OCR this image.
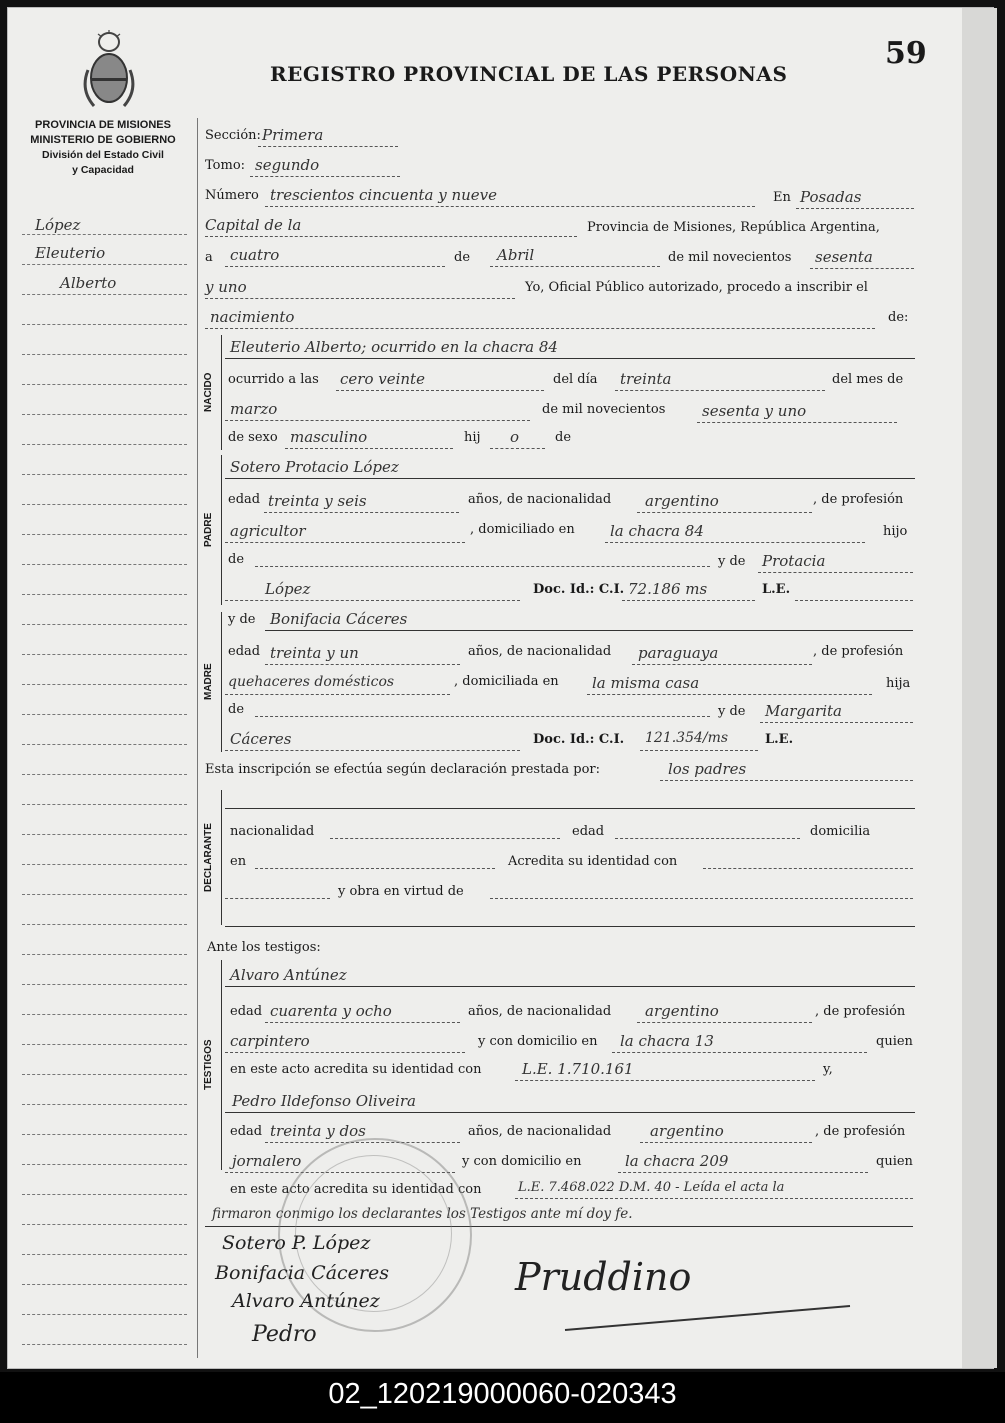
REGISTRO PROVINCIAL DE LAS PERSONAS
59
PROVINCIA DE MISIONES
MINISTERIO DE GOBIERNO
División del Estado Civil
y Capacidad
López
Eleuterio
Alberto
Sección: Primera
Tomo: segundo
Número trescientos cincuenta y nueve	En Posadas
Capital de la	Provincia de Misiones, República Argentina,
a cuatro	de Abril	de mil novecientos sesenta
y uno	Yo, Oficial Público autorizado, procedo a inscribir el
nacimiento	de:
NACIDO
Eleuterio Alberto; ocurrido en la chacra 84
ocurrido a las cero veinte	del día treinta	del mes de
marzo	de mil novecientos sesenta y uno
de sexo masculino	hij o	de
PADRE
Sotero Protacio López
edad treinta y seis	años, de nacionalidad argentino	, de profesión
agricultor	, domiciliado en la chacra 84	hijo
de	y de Protacia
López	Doc. Id.: C.I. 72.186 ms	L.E.
MADRE
y de Bonifacia Cáceres
edad treinta y un	años, de nacionalidad paraguaya	, de profesión
quehaceres domésticos	, domiciliada en la misma casa	hija
de	y de Margarita
Cáceres	Doc. Id.: C.I. 121.354/ms	L.E.
Esta inscripción se efectúa según declaración prestada por:	los padres
DECLARANTE	nacionalidad	edad	domicilia
en	Acredita su identidad con
y obra en virtud de
Ante los testigos:
TESTIGOS
Alvaro Antúnez
edad cuarenta y ocho	años, de nacionalidad argentino	, de profesión
carpintero	y con domicilio en la chacra 13	quien
en este acto acredita su identidad con	L.E. 1.710.161	y,
Pedro Ildefonso Oliveira
edad treinta y dos	años, de nacionalidad	argentino	, de profesión
jornalero	y con domicilio en	la chacra 209	quien
en este acto acredita su identidad con	L.E. 7.468.022 D.M. 40 - Leída el acta la
firmaron conmigo los declarantes los Testigos ante mí doy fe.
Sotero P. López
Bonifacia Cáceres
Alvaro Antúnez
Pedro
Pruddino
02_120219000060-020343
